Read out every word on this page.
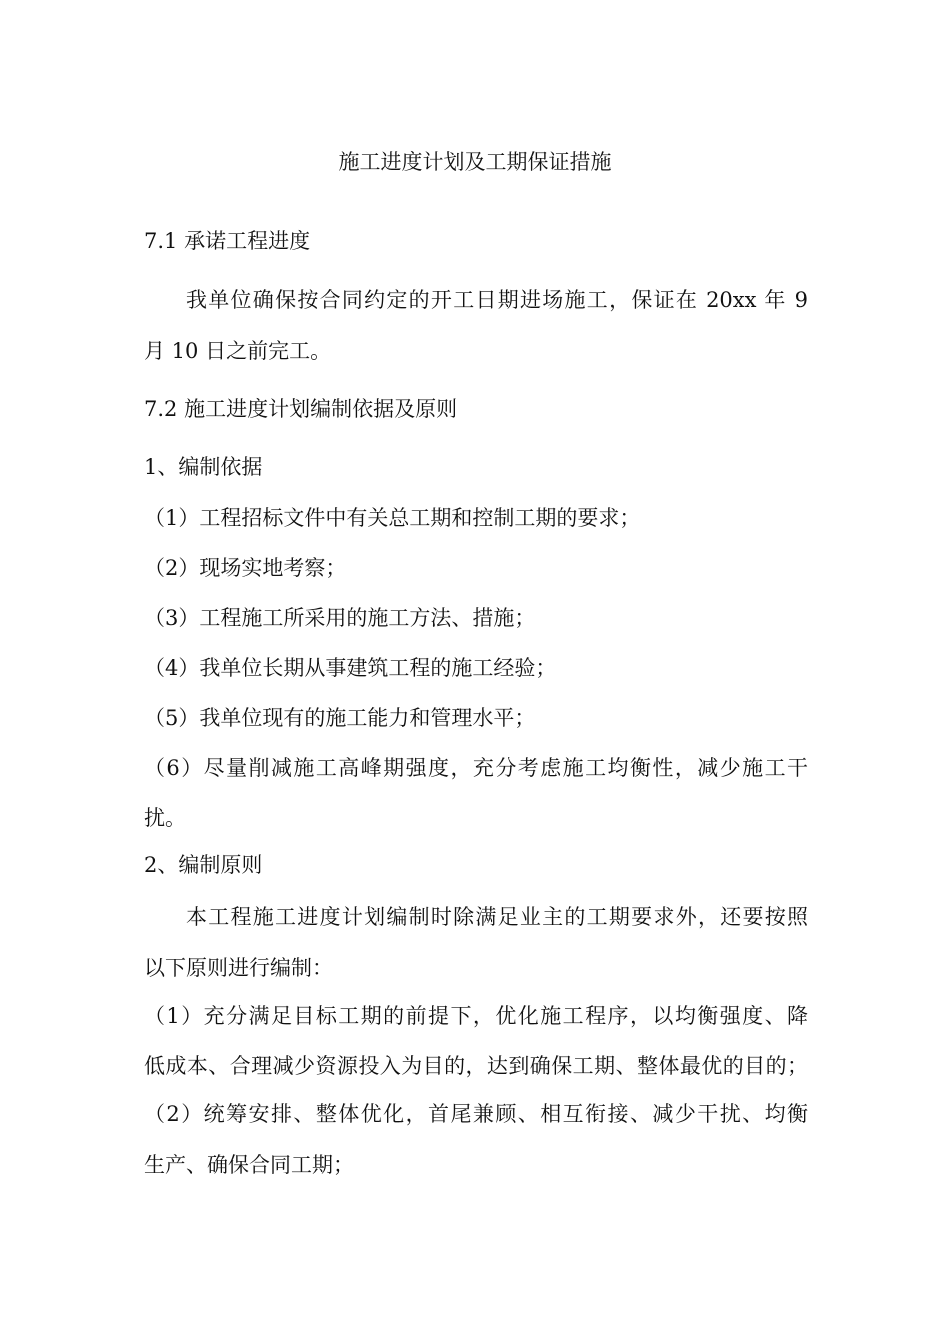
施工进度计划及工期保证措施
7.1 承诺工程进度
我单位确保按合同约定的开工日期进场施工，保证在 20xx 年 9
月 10 日之前完工。
7.2 施工进度计划编制依据及原则
1、编制依据
（1）工程招标文件中有关总工期和控制工期的要求；
（2）现场实地考察；
（3）工程施工所采用的施工方法、措施；
（4）我单位长期从事建筑工程的施工经验；
（5）我单位现有的施工能力和管理水平；
（6）尽量削减施工高峰期强度，充分考虑施工均衡性，减少施工干
扰。
2、编制原则
本工程施工进度计划编制时除满足业主的工期要求外，还要按照
以下原则进行编制：
（1）充分满足目标工期的前提下，优化施工程序，以均衡强度、降
低成本、合理减少资源投入为目的，达到确保工期、整体最优的目的；
（2）统筹安排、整体优化，首尾兼顾、相互衔接、减少干扰、均衡
生产、确保合同工期；
